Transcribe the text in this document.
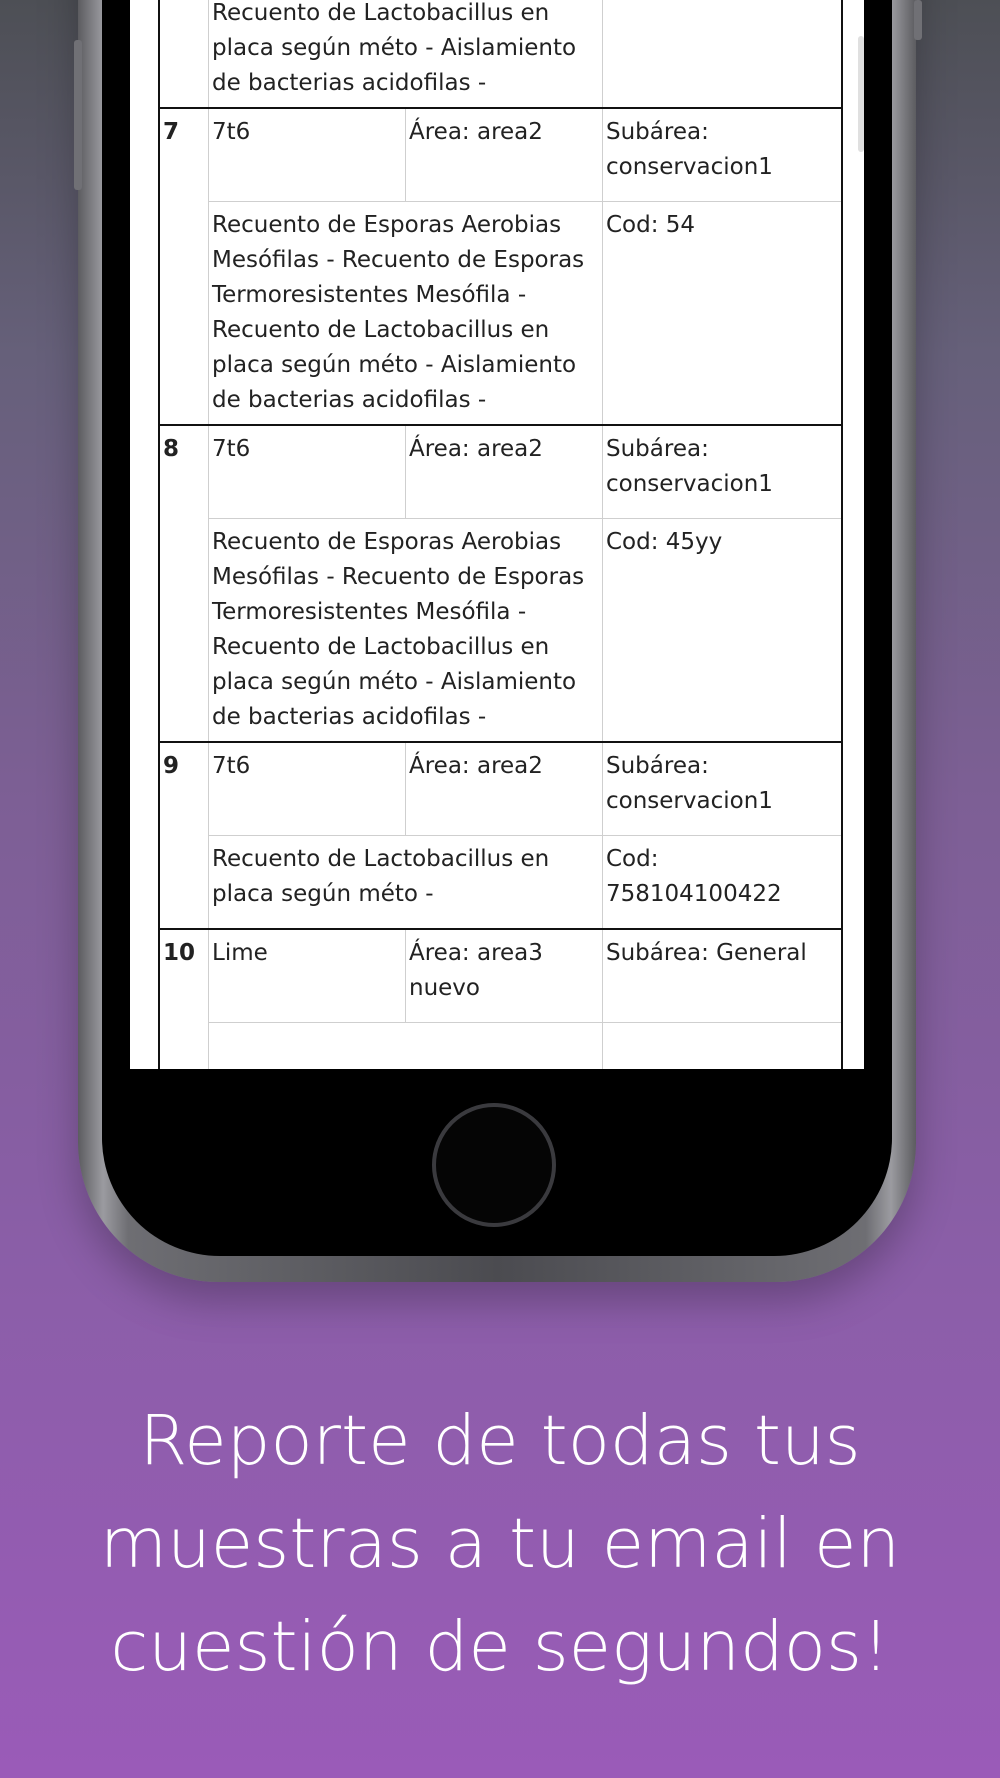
	Recuento de Lactobacillus en placa según méto - Aislamiento de bacterias acidofilas -		
7	7t6	Área: area2	Subárea: conservacion1
	Recuento de Esporas Aerobias Mesófilas - Recuento de Esporas Termoresistentes Mesófila - Recuento de Lactobacillus en placa según méto - Aislamiento de bacterias acidofilas -		Cod: 54
8	7t6	Área: area2	Subárea: conservacion1
	Recuento de Esporas Aerobias Mesófilas - Recuento de Esporas Termoresistentes Mesófila - Recuento de Lactobacillus en placa según méto - Aislamiento de bacterias acidofilas -		Cod: 45yy
9	7t6	Área: area2	Subárea: conservacion1
	Recuento de Lactobacillus en placa según méto -		Cod: 758104100422
10	Lime	Área: area3 nuevo	Subárea: General

Reporte de todas tus
muestras a tu email en
cuestión de segundos!
